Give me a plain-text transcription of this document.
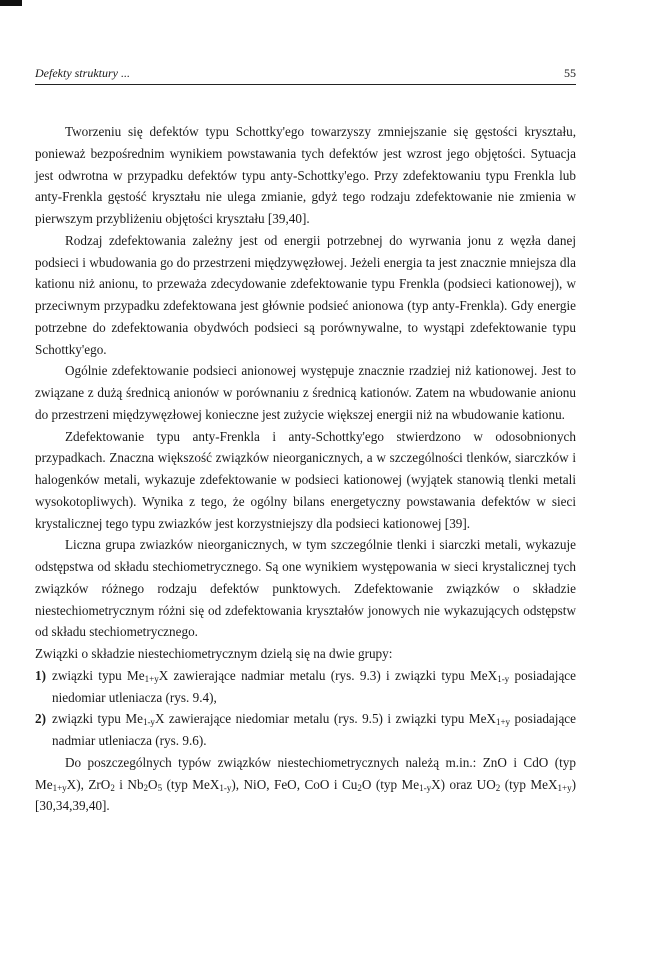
Defekty struktury ...	55

Tworzeniu się defektów typu Schottky'ego towarzyszy zmniejszanie się gęstości kryształu, ponieważ bezpośrednim wynikiem powstawania tych defektów jest wzrost jego objętości. Sytuacja jest odwrotna w przypadku defektów typu anty-Schottky'ego. Przy zdefektowaniu typu Frenkla lub anty-Frenkla gęstość kryształu nie ulega zmianie, gdyż tego rodzaju zdefektowanie nie zmienia w pierwszym przybliżeniu objętości kryształu [39,40].

Rodzaj zdefektowania zależny jest od energii potrzebnej do wyrwania jonu z węzła danej podsieci i wbudowania go do przestrzeni międzywęzłowej. Jeżeli energia ta jest znacznie mniejsza dla kationu niż anionu, to przeważa zdecydowanie zdefektowanie typu Frenkla (podsieci kationowej), w przeciwnym przypadku zdefektowana jest głównie podsieć anionowa (typ anty-Frenkla). Gdy energie potrzebne do zdefektowania obydwóch podsieci są porównywalne, to wystąpi zdefektowanie typu Schottky'ego.

Ogólnie zdefektowanie podsieci anionowej występuje znacznie rzadziej niż kationowej. Jest to związane z dużą średnicą anionów w porównaniu z średnicą kationów. Zatem na wbudowanie anionu do przestrzeni międzywęzłowej konieczne jest zużycie większej energii niż na wbudowanie kationu.

Zdefektowanie typu anty-Frenkla i anty-Schottky'ego stwierdzono w odosobnionych przypadkach. Znaczna większość związków nieorganicznych, a w szczególności tlenków, siarczków i halogenków metali, wykazuje zdefektowanie w podsieci kationowej (wyjątek stanowią tlenki metali wysokotopliwych). Wynika z tego, że ogólny bilans energetyczny powstawania defektów w sieci krystalicznej tego typu zwiazków jest korzystniejszy dla podsieci kationowej [39].

Liczna grupa zwiazków nieorganicznych, w tym szczególnie tlenki i siarczki metali, wykazuje odstępstwa od składu stechiometrycznego. Są one wynikiem występowania w sieci krystalicznej tych związków różnego rodzaju defektów punktowych. Zdefektowanie związków o składzie niestechiometrycznym różni się od zdefektowania kryształów jonowych nie wykazujących odstępstw od składu stechiometrycznego.

Związki o składzie niestechiometrycznym dzielą się na dwie grupy:

1) związki typu $Me_{1+y}X$ zawierające nadmiar metalu (rys. 9.3) i związki typu MeX$_{1-y}$ posiadające niedomiar utleniacza (rys. 9.4),
2) związki typu $Me_{1-y}X$ zawierające niedomiar metalu (rys. 9.5) i związki typu MeX$_{1+y}$ posiadające nadmiar utleniacza (rys. 9.6).

Do poszczególnych typów związków niestechiometrycznych należą m.in.: ZnO i CdO (typ $Me_{1+y}X$), ZrO$_2$ i $Nb_2O_5$ (typ MeX$_{1-y}$), NiO, FeO, CoO i $Cu_2O$ (typ $Me_{1-y}X$) oraz $UO_2$ (typ MeX$_{1+y}$) [30,34,39,40].
